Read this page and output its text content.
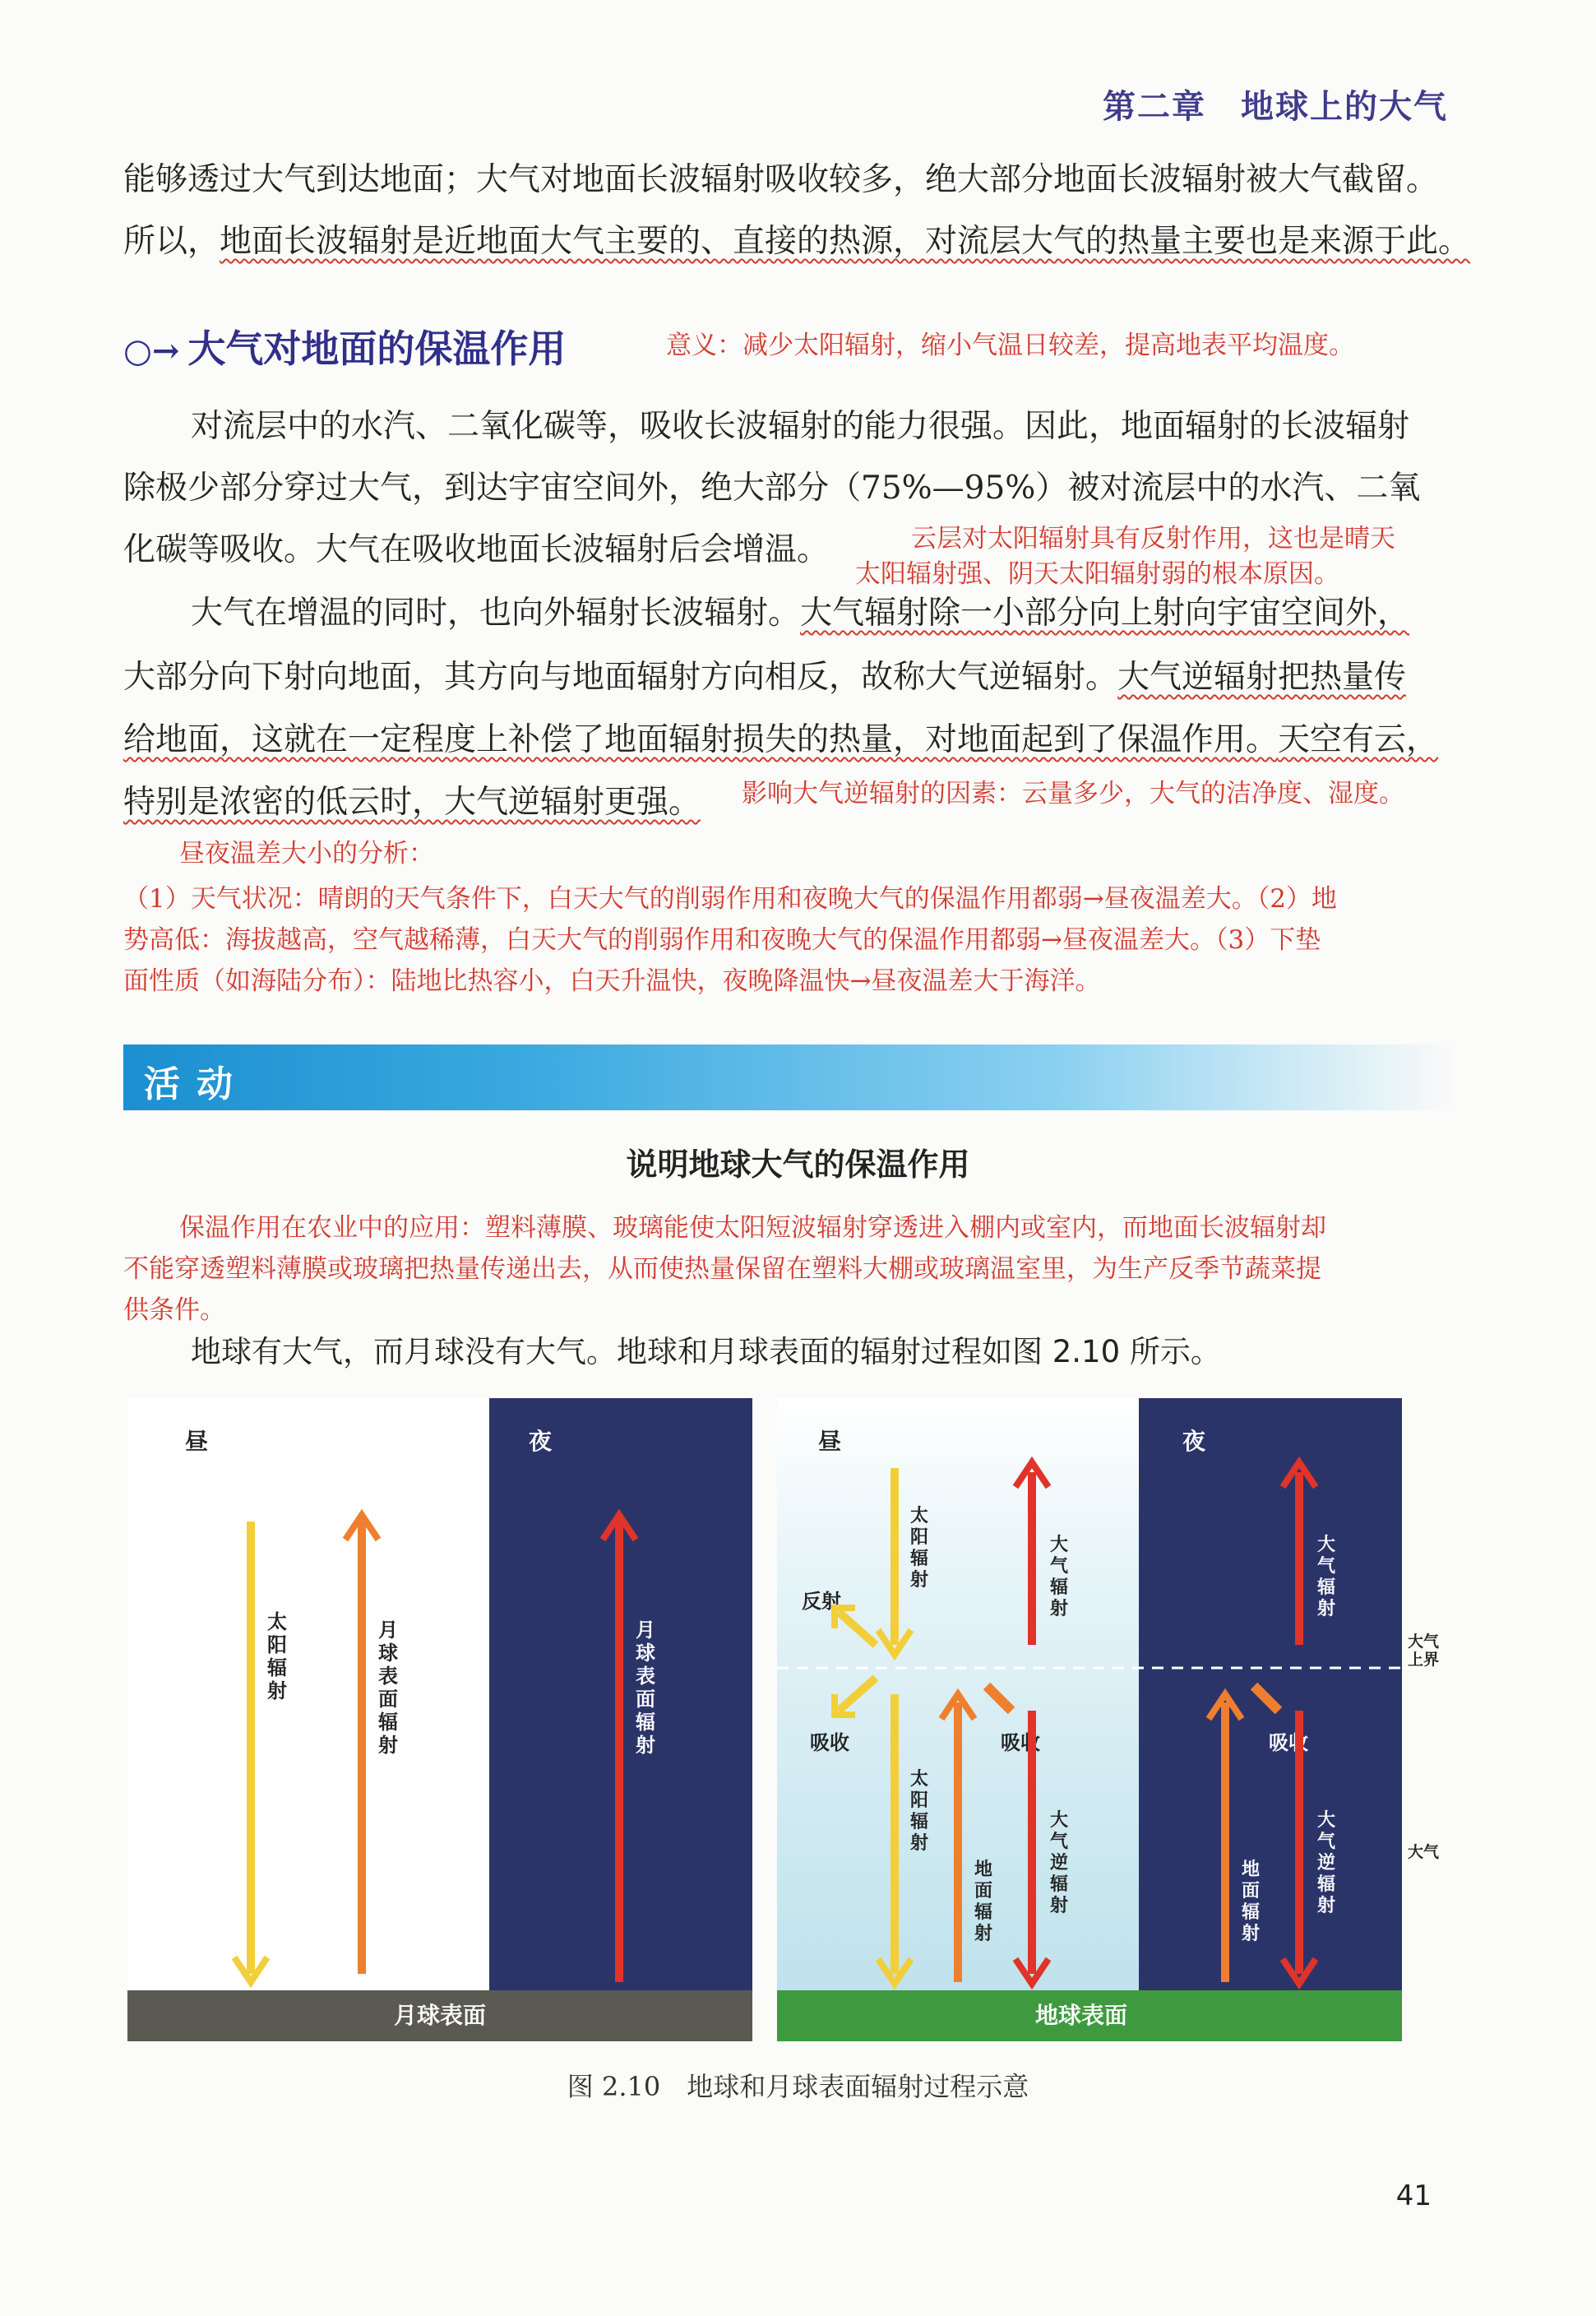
第二章　地球上的大气
能够透过大气到达地面；大气对地面长波辐射吸收较多，绝大部分地面长波辐射被大气截留。
所以，地面长波辐射是近地面大气主要的、直接的热源，对流层大气的热量主要也是来源于此。
○→ 大气对地面的保温作用	意义：减少太阳辐射，缩小气温日较差，提高地表平均温度。
对流层中的水汽、二氧化碳等，吸收长波辐射的能力很强。因此，地面辐射的长波辐射
除极少部分穿过大气，到达宇宙空间外，绝大部分（75%—95%）被对流层中的水汽、二氧
化碳等吸收。大气在吸收地面长波辐射后会增温。	云层对太阳辐射具有反射作用，这也是晴天
太阳辐射强、阴天太阳辐射弱的根本原因。
大气在增温的同时，也向外辐射长波辐射。大气辐射除一小部分向上射向宇宙空间外，
大部分向下射向地面，其方向与地面辐射方向相反，故称大气逆辐射。大气逆辐射把热量传
给地面，这就在一定程度上补偿了地面辐射损失的热量，对地面起到了保温作用。天空有云，
特别是浓密的低云时，大气逆辐射更强。 影响大气逆辐射的因素：云量多少，大气的洁净度、湿度。
昼夜温差大小的分析：
（1）天气状况：晴朗的天气条件下，白天大气的削弱作用和夜晚大气的保温作用都弱→昼夜温差大。（2）地
势高低：海拔越高，空气越稀薄，白天大气的削弱作用和夜晚大气的保温作用都弱→昼夜温差大。（3）下垫
面性质（如海陆分布）：陆地比热容小，白天升温快，夜晚降温快→昼夜温差大于海洋。
活动
说明地球大气的保温作用
保温作用在农业中的应用：塑料薄膜、玻璃能使太阳短波辐射穿透进入棚内或室内，而地面长波辐射却
不能穿透塑料薄膜或玻璃把热量传递出去，从而使热量保留在塑料大棚或玻璃温室里，为生产反季节蔬菜提
供条件。
地球有大气，而月球没有大气。地球和月球表面的辐射过程如图 2.10 所示。
昼	夜
太阳辐射
月球表面辐射
月球表面辐射
月球表面
昼	夜
太阳辐射
反射
吸收
太阳辐射
大气辐射
地面辐射
吸收
大气逆辐射
大气辐射
地面辐射
吸收
大气逆辐射
地球表面
大气
上界
大气
图 2.10　地球和月球表面辐射过程示意
41
